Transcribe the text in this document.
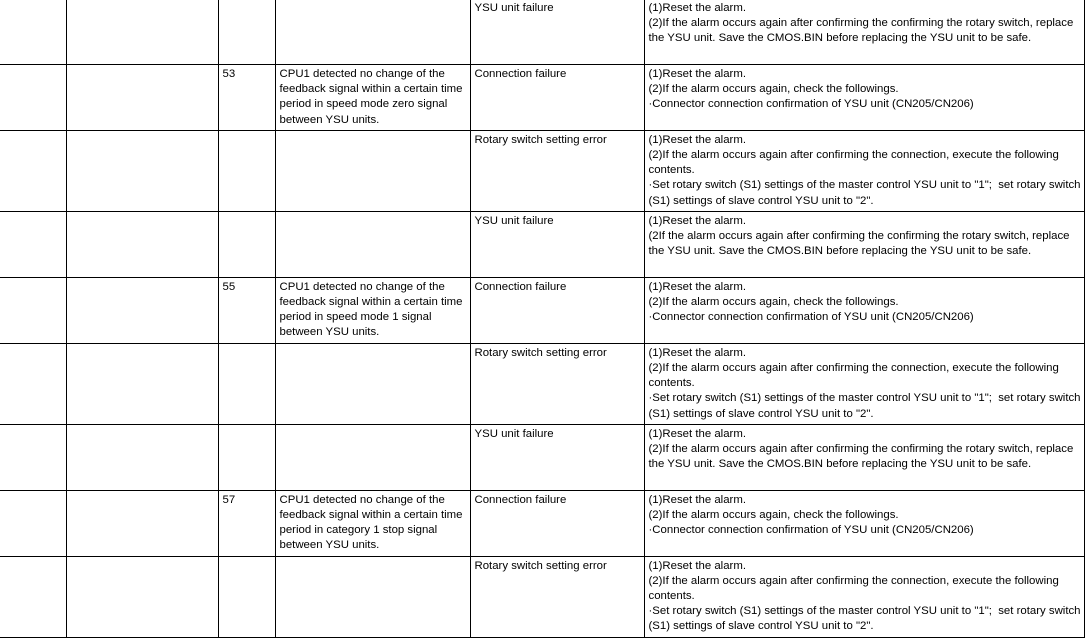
				YSU unit failure	(1)Reset the alarm.
(2)If the alarm occurs again after confirming the confirming the rotary switch, replace the YSU unit. Save the CMOS.BIN before replacing the YSU unit to be safe.

		53	CPU1 detected no change of the feedback signal within a certain time period in speed mode zero signal between YSU units.	Connection failure	(1)Reset the alarm.
(2)If the alarm occurs again, check the followings.
·Connector connection confirmation of YSU unit (CN205/CN206)

				Rotary switch setting error	(1)Reset the alarm.
(2)If the alarm occurs again after confirming the connection, execute the following contents.
·Set rotary switch (S1) settings of the master control YSU unit to "1";  set rotary switch (S1) settings of slave control YSU unit to "2".

				YSU unit failure	(1)Reset the alarm.
(2If the alarm occurs again after confirming the confirming the rotary switch, replace the YSU unit. Save the CMOS.BIN before replacing the YSU unit to be safe.

		55	CPU1 detected no change of the feedback signal within a certain time period in speed mode 1 signal between YSU units.	Connection failure	(1)Reset the alarm.
(2)If the alarm occurs again, check the followings.
·Connector connection confirmation of YSU unit (CN205/CN206)

				Rotary switch setting error	(1)Reset the alarm.
(2)If the alarm occurs again after confirming the connection, execute the following contents.
·Set rotary switch (S1) settings of the master control YSU unit to "1";  set rotary switch (S1) settings of slave control YSU unit to "2".

				YSU unit failure	(1)Reset the alarm.
(2)If the alarm occurs again after confirming the confirming the rotary switch, replace the YSU unit. Save the CMOS.BIN before replacing the YSU unit to be safe.

		57	CPU1 detected no change of the feedback signal within a certain time period in category 1 stop signal between YSU units.	Connection failure	(1)Reset the alarm.
(2)If the alarm occurs again, check the followings.
·Connector connection confirmation of YSU unit (CN205/CN206)

				Rotary switch setting error	(1)Reset the alarm.
(2)If the alarm occurs again after confirming the connection, execute the following contents.
·Set rotary switch (S1) settings of the master control YSU unit to "1";  set rotary switch (S1) settings of slave control YSU unit to "2".
